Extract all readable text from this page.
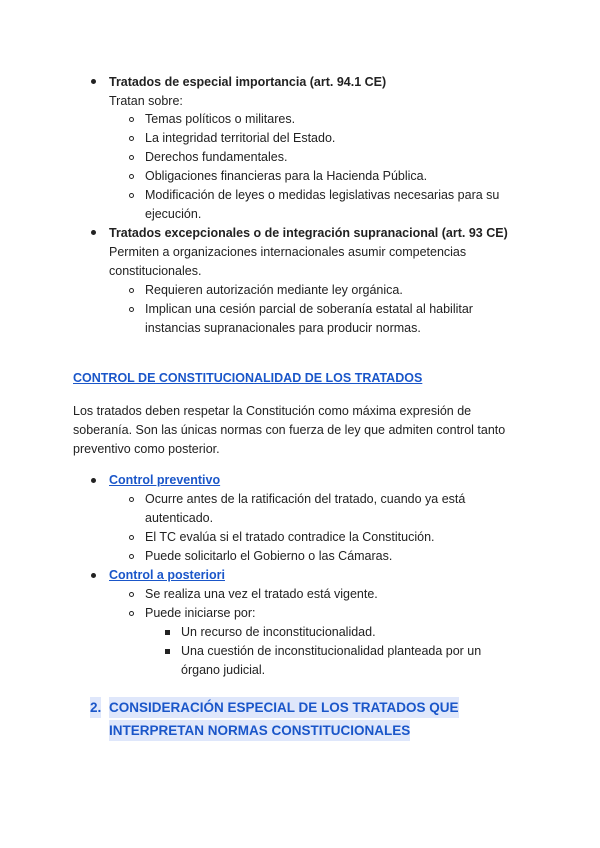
Tratados de especial importancia (art. 94.1 CE)
Tratan sobre:
Temas políticos o militares.
La integridad territorial del Estado.
Derechos fundamentales.
Obligaciones financieras para la Hacienda Pública.
Modificación de leyes o medidas legislativas necesarias para su
ejecución.
Tratados excepcionales o de integración supranacional (art. 93 CE)
Permiten a organizaciones internacionales asumir competencias
constitucionales.
Requieren autorización mediante ley orgánica.
Implican una cesión parcial de soberanía estatal al habilitar
instancias supranacionales para producir normas.
CONTROL DE CONSTITUCIONALIDAD DE LOS TRATADOS
Los tratados deben respetar la Constitución como máxima expresión de
soberanía. Son las únicas normas con fuerza de ley que admiten control tanto
preventivo como posterior.
Control preventivo
Ocurre antes de la ratificación del tratado, cuando ya está
autenticado.
El TC evalúa si el tratado contradice la Constitución.
Puede solicitarlo el Gobierno o las Cámaras.
Control a posteriori
Se realiza una vez el tratado está vigente.
Puede iniciarse por:
Un recurso de inconstitucionalidad.
Una cuestión de inconstitucionalidad planteada por un
órgano judicial.
2. CONSIDERACIÓN ESPECIAL DE LOS TRATADOS QUE
INTERPRETAN NORMAS CONSTITUCIONALES
